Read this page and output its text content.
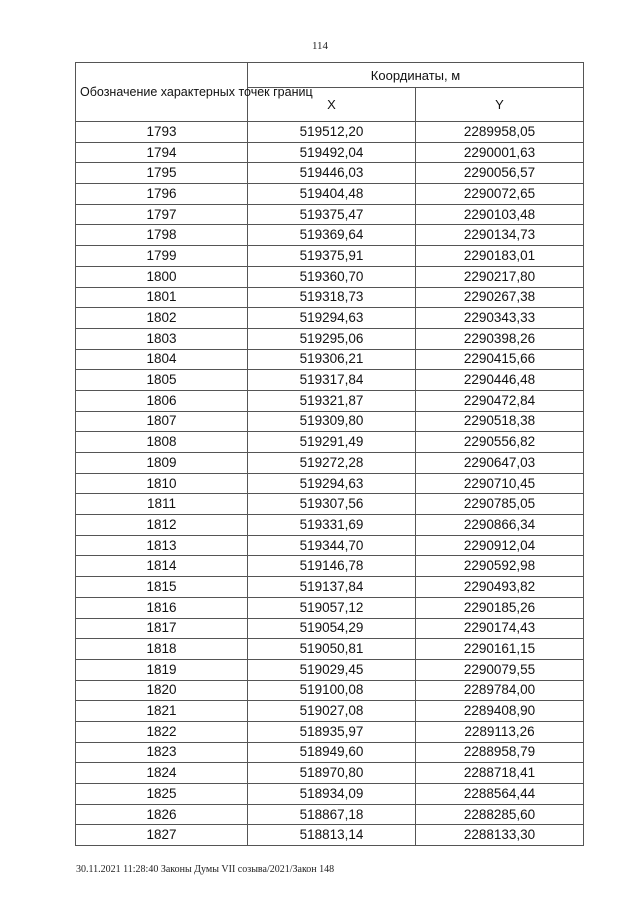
114
Обозначение характерных точек границ	Координаты, м	
	X	Y
1793	519512,20	2289958,05
1794	519492,04	2290001,63
1795	519446,03	2290056,57
1796	519404,48	2290072,65
1797	519375,47	2290103,48
1798	519369,64	2290134,73
1799	519375,91	2290183,01
1800	519360,70	2290217,80
1801	519318,73	2290267,38
1802	519294,63	2290343,33
1803	519295,06	2290398,26
1804	519306,21	2290415,66
1805	519317,84	2290446,48
1806	519321,87	2290472,84
1807	519309,80	2290518,38
1808	519291,49	2290556,82
1809	519272,28	2290647,03
1810	519294,63	2290710,45
1811	519307,56	2290785,05
1812	519331,69	2290866,34
1813	519344,70	2290912,04
1814	519146,78	2290592,98
1815	519137,84	2290493,82
1816	519057,12	2290185,26
1817	519054,29	2290174,43
1818	519050,81	2290161,15
1819	519029,45	2290079,55
1820	519100,08	2289784,00
1821	519027,08	2289408,90
1822	518935,97	2289113,26
1823	518949,60	2288958,79
1824	518970,80	2288718,41
1825	518934,09	2288564,44
1826	518867,18	2288285,60
1827	518813,14	2288133,30
30.11.2021 11:28:40 Законы Думы VII созыва/2021/Закон 148
